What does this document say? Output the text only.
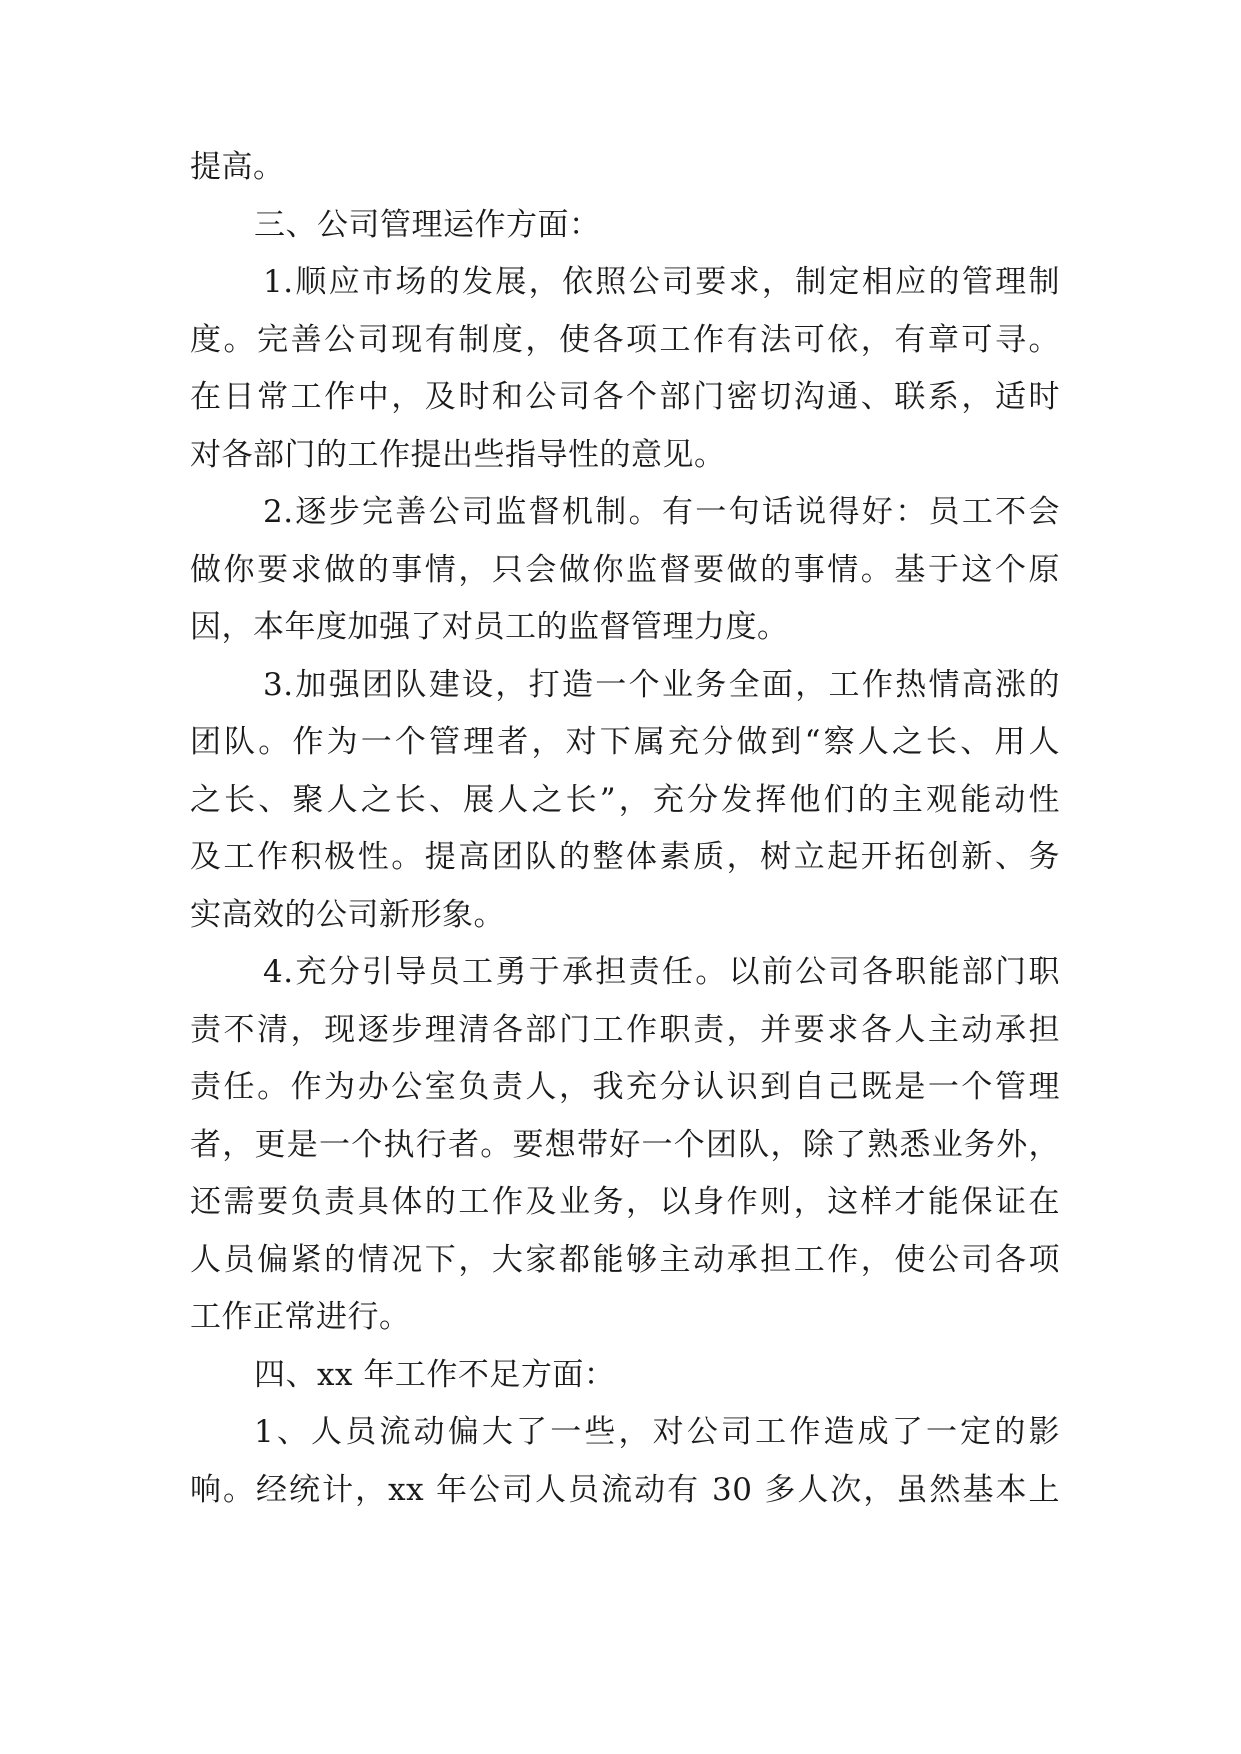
提高。
三、公司管理运作方面：
1.顺应市场的发展，依照公司要求，制定相应的管理制
度。完善公司现有制度，使各项工作有法可依，有章可寻。
在日常工作中，及时和公司各个部门密切沟通、联系，适时
对各部门的工作提出些指导性的意见。
2.逐步完善公司监督机制。有一句话说得好：员工不会
做你要求做的事情，只会做你监督要做的事情。基于这个原
因，本年度加强了对员工的监督管理力度。
3.加强团队建设，打造一个业务全面，工作热情高涨的
团队。作为一个管理者，对下属充分做到“察人之长、用人
之长、聚人之长、展人之长”，充分发挥他们的主观能动性
及工作积极性。提高团队的整体素质，树立起开拓创新、务
实高效的公司新形象。
4.充分引导员工勇于承担责任。以前公司各职能部门职
责不清，现逐步理清各部门工作职责，并要求各人主动承担
责任。作为办公室负责人，我充分认识到自己既是一个管理
者，更是一个执行者。要想带好一个团队，除了熟悉业务外，
还需要负责具体的工作及业务，以身作则，这样才能保证在
人员偏紧的情况下，大家都能够主动承担工作，使公司各项
工作正常进行。
四、xx 年工作不足方面：
1、人员流动偏大了一些，对公司工作造成了一定的影
响。经统计，xx 年公司人员流动有 30 多人次，虽然基本上
